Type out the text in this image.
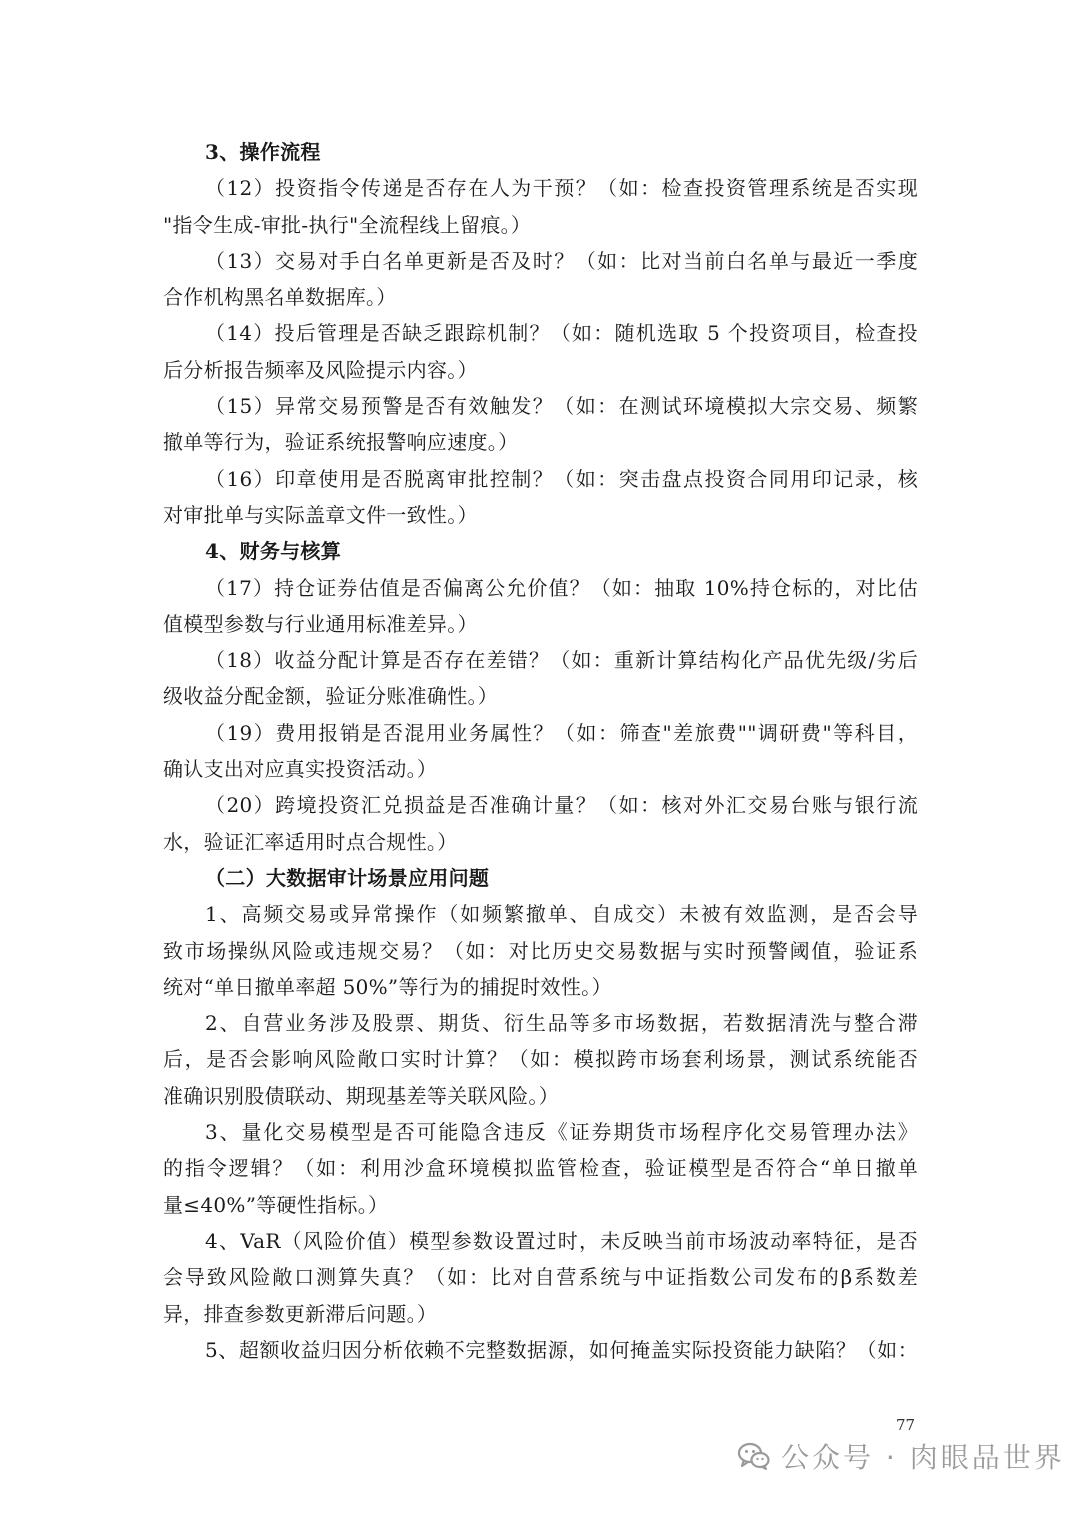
3、操作流程
（12）投资指令传递是否存在人为干预？（如：检查投资管理系统是否实现
"指令生成-审批-执行"全流程线上留痕。）
（13）交易对手白名单更新是否及时？（如：比对当前白名单与最近一季度
合作机构黑名单数据库。）
（14）投后管理是否缺乏跟踪机制？（如：随机选取 5 个投资项目，检查投
后分析报告频率及风险提示内容。）
（15）异常交易预警是否有效触发？（如：在测试环境模拟大宗交易、频繁
撤单等行为，验证系统报警响应速度。）
（16）印章使用是否脱离审批控制？（如：突击盘点投资合同用印记录，核
对审批单与实际盖章文件一致性。）
4、财务与核算
（17）持仓证券估值是否偏离公允价值？（如：抽取 10%持仓标的，对比估
值模型参数与行业通用标准差异。）
（18）收益分配计算是否存在差错？（如：重新计算结构化产品优先级/劣后
级收益分配金额，验证分账准确性。）
（19）费用报销是否混用业务属性？（如：筛查"差旅费""调研费"等科目，
确认支出对应真实投资活动。）
（20）跨境投资汇兑损益是否准确计量？（如：核对外汇交易台账与银行流
水，验证汇率适用时点合规性。）
（二）大数据审计场景应用问题
1、高频交易或异常操作（如频繁撤单、自成交）未被有效监测，是否会导
致市场操纵风险或违规交易？（如：对比历史交易数据与实时预警阈值，验证系
统对“单日撤单率超 50%”等行为的捕捉时效性。）
2、自营业务涉及股票、期货、衍生品等多市场数据，若数据清洗与整合滞
后，是否会影响风险敞口实时计算？（如：模拟跨市场套利场景，测试系统能否
准确识别股债联动、期现基差等关联风险。）
3、量化交易模型是否可能隐含违反《证券期货市场程序化交易管理办法》
的指令逻辑？（如：利用沙盒环境模拟监管检查，验证模型是否符合“单日撤单
量≤40%”等硬性指标。）
4、VaR（风险价值）模型参数设置过时，未反映当前市场波动率特征，是否
会导致风险敞口测算失真？（如：比对自营系统与中证指数公司发布的β系数差
异，排查参数更新滞后问题。）
5、超额收益归因分析依赖不完整数据源，如何掩盖实际投资能力缺陷？（如：
77
公众号 · 肉眼品世界
